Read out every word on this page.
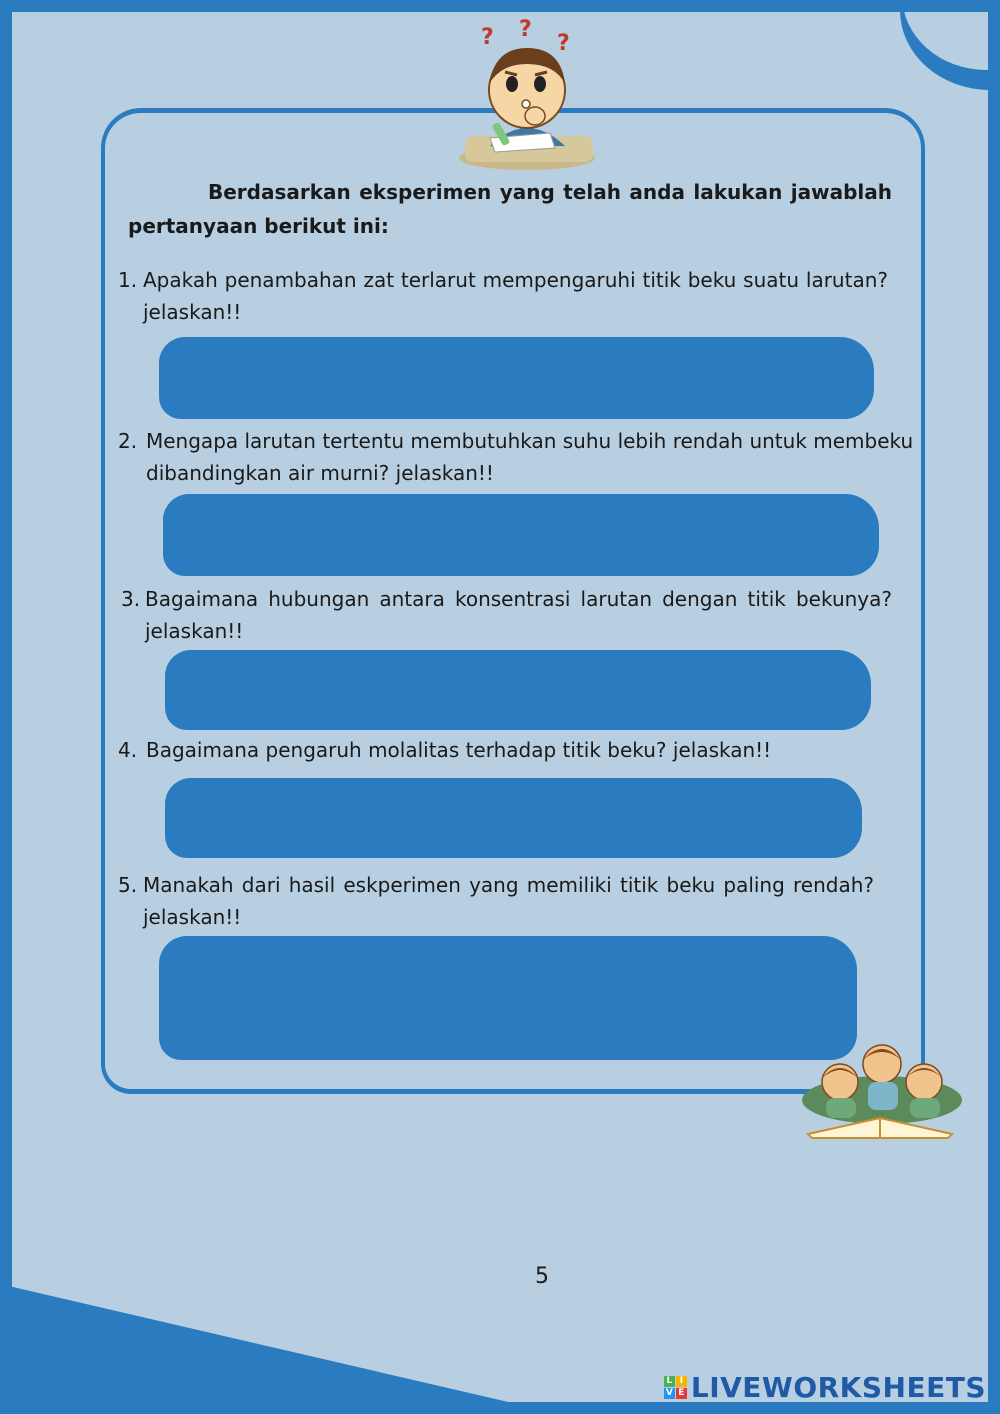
? ?
?
Berdasarkan eksperimen yang telah anda lakukan jawablah pertanyaan berikut ini:
1. Apakah penambahan zat terlarut mempengaruhi titik beku suatu larutan? jelaskan!!
2. Mengapa larutan tertentu membutuhkan suhu lebih rendah untuk membeku dibandingkan air murni? jelaskan!!
3. Bagaimana hubungan antara konsentrasi larutan dengan titik bekunya? jelaskan!!
4. Bagaimana pengaruh molalitas terhadap titik beku? jelaskan!!
5. Manakah dari hasil eskperimen yang memiliki titik beku paling rendah? jelaskan!!
5
L I
V E LIVEWORKSHEETS
